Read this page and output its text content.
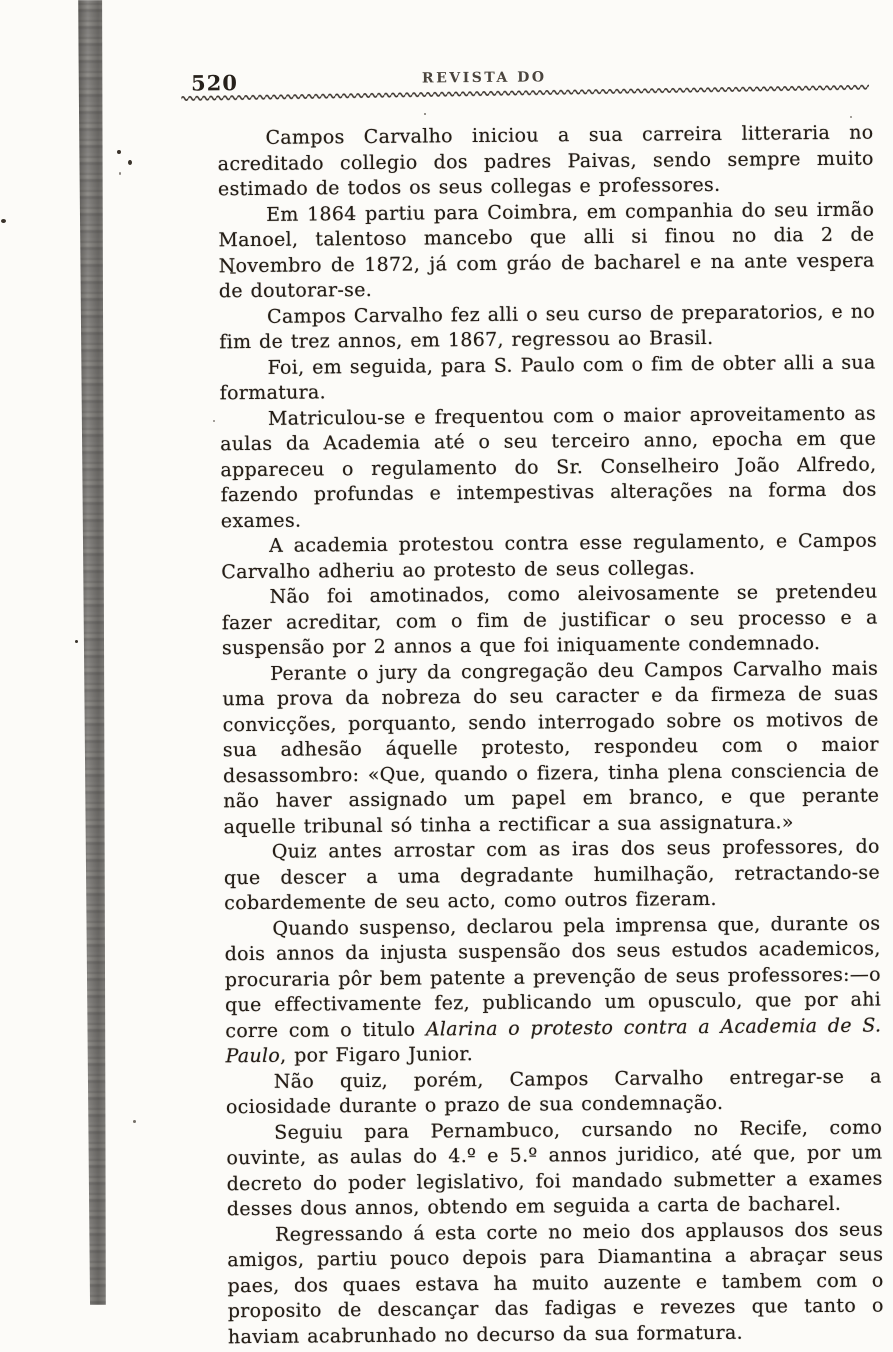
520	REVISTA DO

Campos Carvalho iniciou a sua carreira litteraria no acreditado collegio dos padres Paivas, sendo sempre muito estimado de todos os seus collegas e professores.

Em 1864 partiu para Coimbra, em companhia do seu irmão Manoel, talentoso mancebo que alli si finou no dia 2 de Novembro de 1872, já com gráo de bacharel e na ante vespera de doutorar-se.

Campos Carvalho fez alli o seu curso de preparatorios, e no fim de trez annos, em 1867, regressou ao Brasil.

Foi, em seguida, para S. Paulo com o fim de obter alli a sua formatura.

Matriculou-se e frequentou com o maior aproveitamento as aulas da Academia até o seu terceiro anno, epocha em que appareceu o regulamento do Sr. Conselheiro João Alfredo, fazendo profundas e intempestivas alterações na forma dos exames.

A academia protestou contra esse regulamento, e Campos Carvalho adheriu ao protesto de seus collegas.

Não foi amotinados, como aleivosamente se pretendeu fazer acreditar, com o fim de justificar o seu processo e a suspensão por 2 annos a que foi iniquamente condemnado.

Perante o jury da congregação deu Campos Carvalho mais uma prova da nobreza do seu caracter e da firmeza de suas convicções, porquanto, sendo interrogado sobre os motivos de sua adhesão áquelle protesto, respondeu com o maior desassombro: «Que, quando o fizera, tinha plena consciencia de não haver assignado um papel em branco, e que perante aquelle tribunal só tinha a rectificar a sua assignatura.»

Quiz antes arrostar com as iras dos seus professores, do que descer a uma degradante humilhação, retractando-se cobardemente de seu acto, como outros fizeram.

Quando suspenso, declarou pela imprensa que, durante os dois annos da injusta suspensão dos seus estudos academicos, procuraria pôr bem patente a prevenção de seus professores:—o que effectivamente fez, publicando um opusculo, que por ahi corre com o titulo Alarina o protesto contra a Academia de S. Paulo, por Figaro Junior.

Não quiz, porém, Campos Carvalho entregar-se a ociosidade durante o prazo de sua condemnação.

Seguiu para Pernambuco, cursando no Recife, como ouvinte, as aulas do 4.º e 5.º annos juridico, até que, por um decreto do poder legislativo, foi mandado submetter a exames desses dous annos, obtendo em seguida a carta de bacharel.

Regressando á esta corte no meio dos applausos dos seus amigos, partiu pouco depois para Diamantina a abraçar seus paes, dos quaes estava ha muito auzente e tambem com o proposito de descançar das fadigas e revezes que tanto o haviam acabrunhado no decurso da sua formatura.
